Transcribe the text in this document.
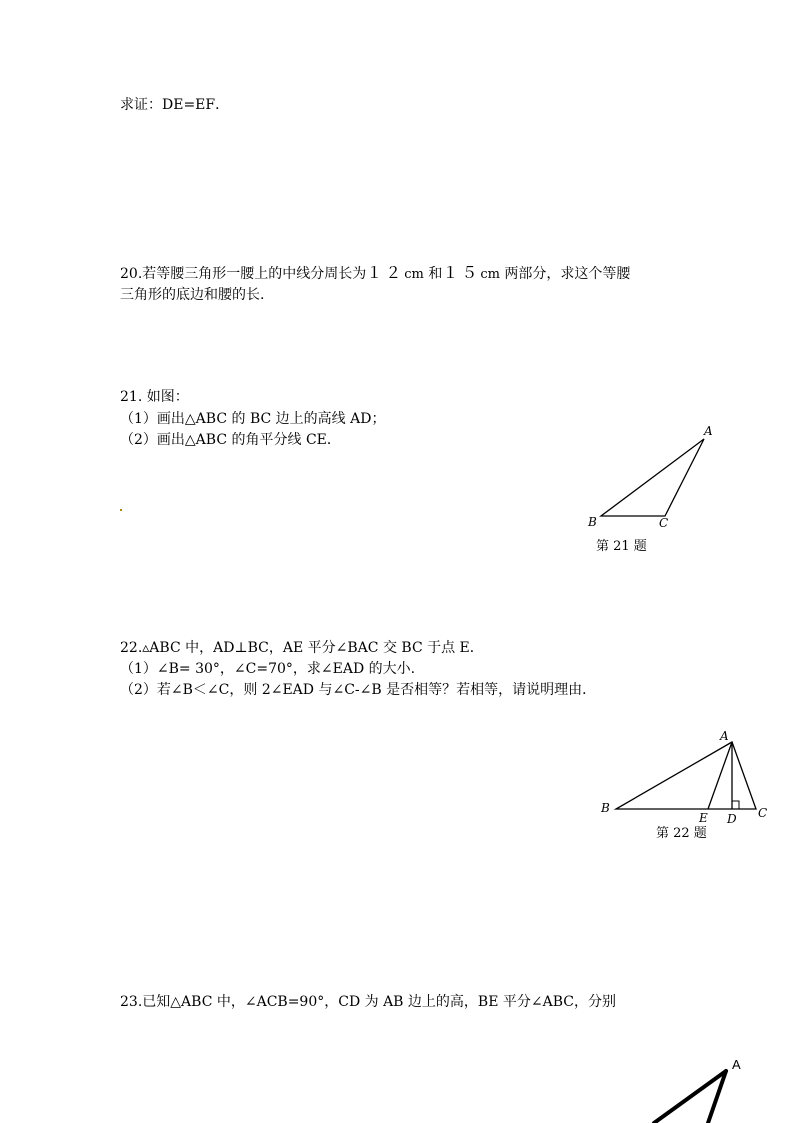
求证：DE=EF．
20.若等腰三角形一腰上的中线分周长为１２cm 和１５cm 两部分，求这个等腰
三角形的底边和腰的长.
21. 如图：
（1）画出△ABC 的 BC 边上的高线 AD；
（2）画出△ABC 的角平分线 CE．
A
B	C
第 21 题
22.▵ABC 中，AD⊥BC，AE 平分∠BAC 交 BC 于点 E．
（1）∠B= 30°，∠C=70°，求∠EAD 的大小.
（2）若∠B＜∠C，则 2∠EAD 与∠C-∠B 是否相等？若相等，请说明理由．
A
B
E D C
第 22 题
23.已知△ABC 中，∠ACB=90°，CD 为 AB 边上的高，BE 平分∠ABC，分别
A
